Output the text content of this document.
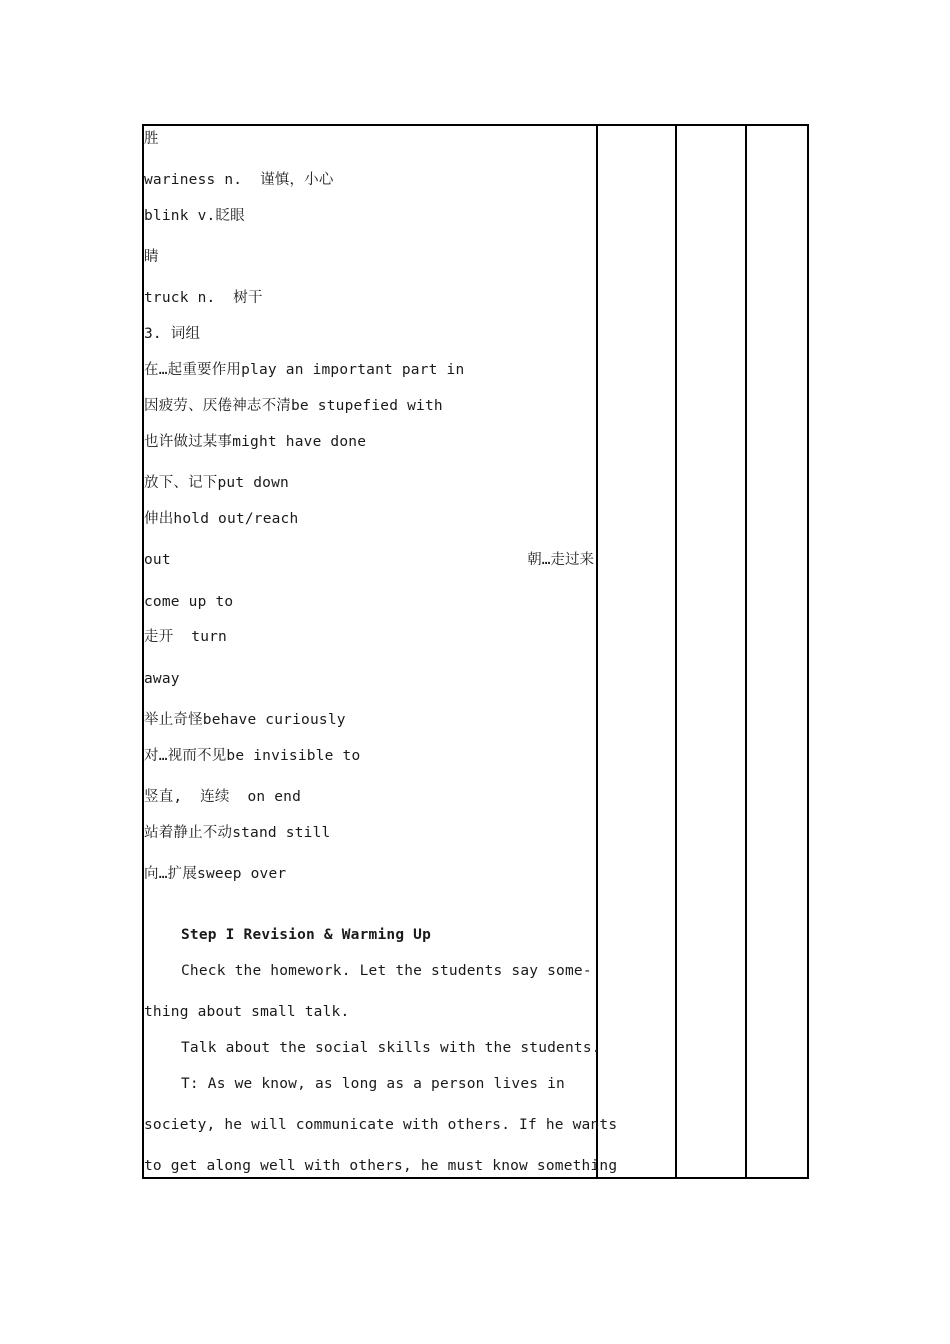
胜
wariness n.  谨慎，小心
blink v.眨眼
睛
truck n.  树干
3. 词组
在…起重要作用play an important part in
因疲劳、厌倦神志不清be stupefied with
也许做过某事might have done
放下、记下put down
伸出hold out/reach
out	朝…走过来
come up to
走开  turn
away
举止奇怪behave curiously
对…视而不见be invisible to
竖直,  连续  on end
站着静止不动stand still
向…扩展sweep over
Step I Revision & Warming Up
Check the homework. Let the students say some-
thing about small talk.
Talk about the social skills with the students.
T: As we know, as long as a person lives in
society, he will communicate with others. If he wants
to get along well with others, he must know something
